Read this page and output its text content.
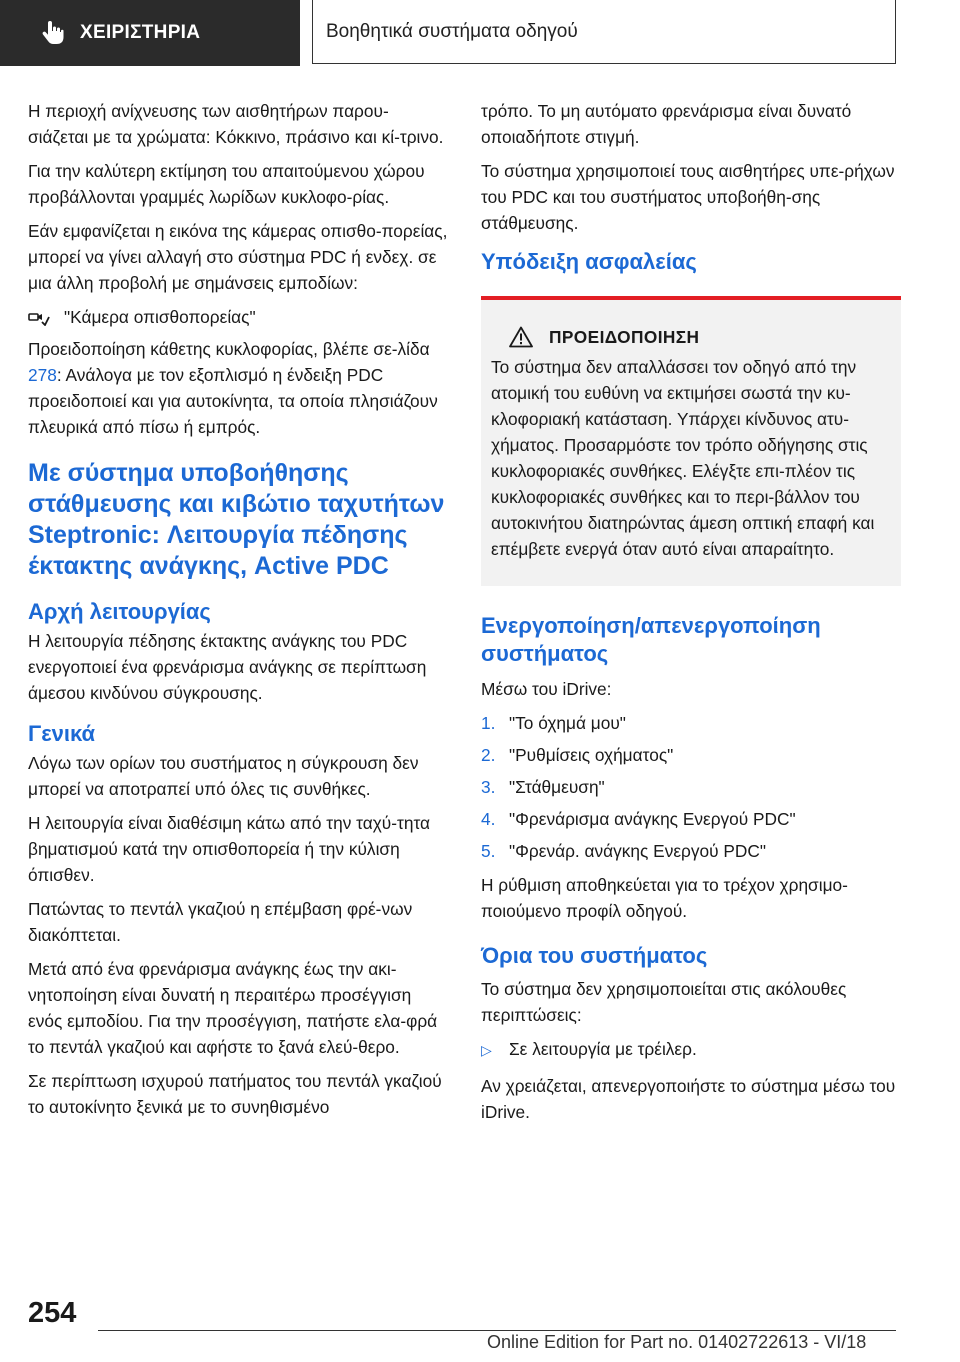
ΧΕΙΡΙΣΤΗΡΙΑ	Βοηθητικά συστήματα οδηγού

Η περιοχή ανίχνευσης των αισθητήρων παρου‐σιάζεται με τα χρώματα: Κόκκινο, πράσινο και κί‐τρινο.

Για την καλύτερη εκτίμηση του απαιτούμενου χώρου προβάλλονται γραμμές λωρίδων κυκλοφο‐ρίας.

Εάν εμφανίζεται η εικόνα της κάμερας οπισθο‐πορείας, μπορεί να γίνει αλλαγή στο σύστημα PDC ή ενδεχ. σε μια άλλη προβολή με σημάνσεις εμποδίων:

"Κάμερα οπισθοπορείας"

Προειδοποίηση κάθετης κυκλοφορίας, βλέπε σε‐λίδα 278: Ανάλογα με τον εξοπλισμό η ένδειξη PDC προειδοποιεί και για αυτοκίνητα, τα οποία πλησιάζουν πλευρικά από πίσω ή εμπρός.

Με σύστημα υποβοήθησης στάθμευσης και κιβώτιο ταχυτήτων Steptronic: Λειτουργία πέδησης έκτακτης ανάγκης, Active PDC
Αρχή λειτουργίας

Η λειτουργία πέδησης έκτακτης ανάγκης του PDC ενεργοποιεί ένα φρενάρισμα ανάγκης σε περίπτωση άμεσου κινδύνου σύγκρουσης.

Γενικά

Λόγω των ορίων του συστήματος η σύγκρουση δεν μπορεί να αποτραπεί υπό όλες τις συνθήκες.

Η λειτουργία είναι διαθέσιμη κάτω από την ταχύ‐τητα βηματισμού κατά την οπισθοπορεία ή την κύλιση όπισθεν.

Πατώντας το πεντάλ γκαζιού η επέμβαση φρέ‐νων διακόπτεται.

Μετά από ένα φρενάρισμα ανάγκης έως την ακι‐νητοποίηση είναι δυνατή η περαιτέρω προσέγγιση ενός εμποδίου. Για την προσέγγιση, πατήστε ελα‐φρά το πεντάλ γκαζιού και αφήστε το ξανά ελεύ‐θερο.

Σε περίπτωση ισχυρού πατήματος του πεντάλ γκαζιού το αυτοκίνητο ξενικά με το συνηθισμένο

τρόπο. Το μη αυτόματο φρενάρισμα είναι δυνατό οποιαδήποτε στιγμή.

Το σύστημα χρησιμοποιεί τους αισθητήρες υπε‐ρήχων του PDC και του συστήματος υποβοήθη‐σης στάθμευσης.

Υπόδειξη ασφαλείας
ΠΡΟΕΙΔΟΠΟΙΗΣΗ
Το σύστημα δεν απαλλάσσει τον οδηγό από την ατομική του ευθύνη να εκτιμήσει σωστά την κυ‐κλοφοριακή κατάσταση. Υπάρχει κίνδυνος ατυ‐χήματος. Προσαρμόστε τον τρόπο οδήγησης στις κυκλοφοριακές συνθήκες. Ελέγξτε επι‐πλέον τις κυκλοφοριακές συνθήκες και το περι‐βάλλον του αυτοκινήτου διατηρώντας άμεση οπτική επαφή και επέμβετε ενεργά όταν αυτό είναι απαραίτητο.
Ενεργοποίηση/απενεργοποίηση συστήματος

Μέσω του iDrive:

1. "Το όχημά μου"
2. "Ρυθμίσεις οχήματος"
3. "Στάθμευση"
4. "Φρενάρισμα ανάγκης Ενεργού PDC"
5. "Φρενάρ. ανάγκης Ενεργού PDC"

Η ρύθμιση αποθηκεύεται για το τρέχον χρησιμο‐ποιούμενο προφίλ οδηγού.

Όρια του συστήματος

Το σύστημα δεν χρησιμοποιείται στις ακόλουθες περιπτώσεις:

▷ Σε λειτουργία με τρέιλερ.

Αν χρειάζεται, απενεργοποιήστε το σύστημα μέσω του iDrive.

254
Online Edition for Part no. 01402722613 - VI/18
